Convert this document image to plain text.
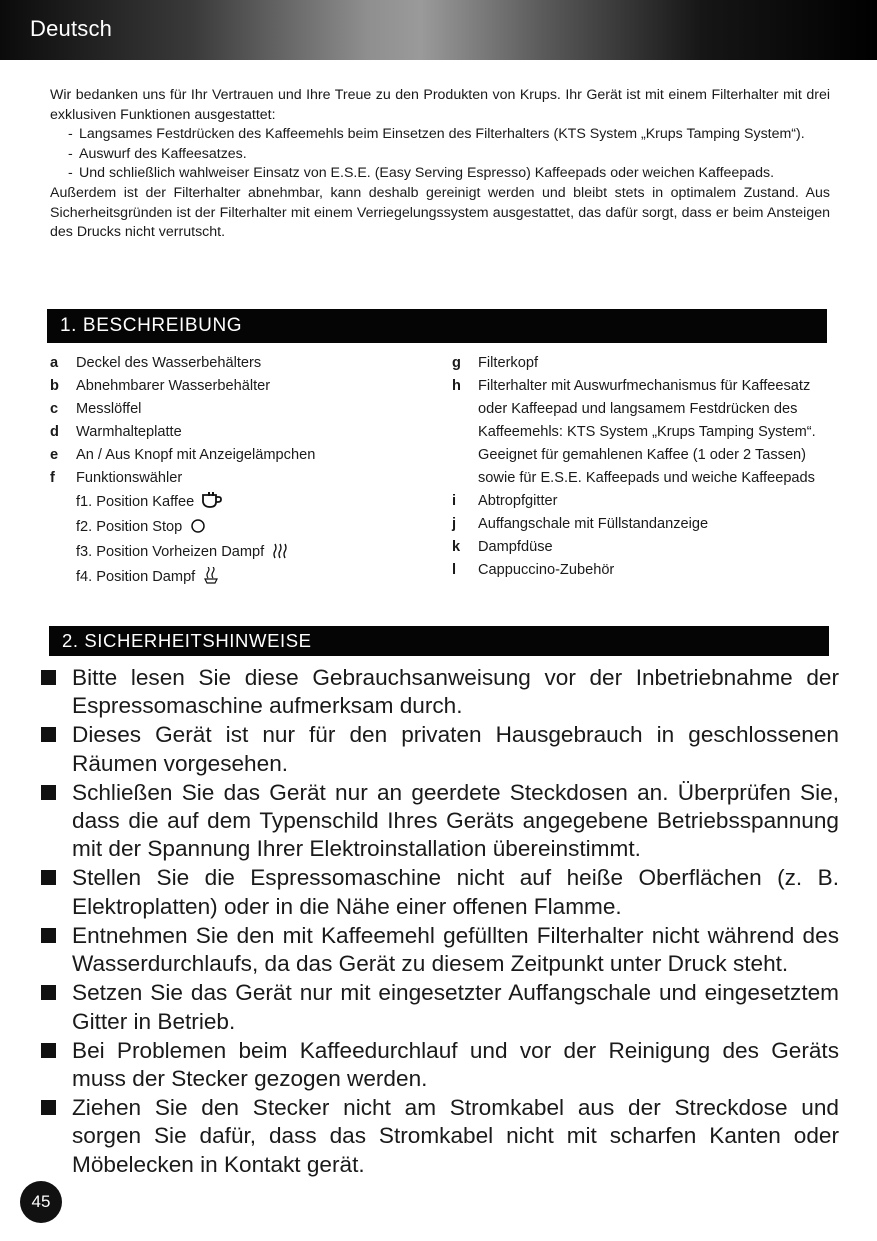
Deutsch

Wir bedanken uns für Ihr Vertrauen und Ihre Treue zu den Produkten von Krups. Ihr Gerät ist mit einem Filterhalter mit drei exklusiven Funktionen ausgestattet:

- Langsames Festdrücken des Kaffeemehls beim Einsetzen des Filterhalters (KTS System „Krups Tamping System“).
- Auswurf des Kaffeesatzes.
- Und schließlich wahlweiser Einsatz von E.S.E. (Easy Serving Espresso) Kaffeepads oder weichen Kaffeepads.

Außerdem ist der Filterhalter abnehmbar, kann deshalb gereinigt werden und bleibt stets in optimalem Zustand. Aus Sicherheitsgründen ist der Filterhalter mit einem Verriegelungssystem ausgestattet, das dafür sorgt, dass er beim Ansteigen des Drucks nicht verrutscht.

1. BESCHREIBUNG
a	Deckel des Wasserbehälters
b	Abnehmbarer Wasserbehälter
c	Messlöffel
d	Warmhalteplatte
e	An / Aus Knopf mit Anzeigelämpchen
f	Funktionswähler
f1. Position Kaffee
f2. Position Stop
f3. Position Vorheizen Dampf
f4. Position Dampf
g	Filterkopf
h	Filterhalter mit Auswurfmechanismus für Kaffeesatz oder Kaffeepad und langsamem Festdrücken des Kaffeemehls: KTS System „Krups Tamping System“. Geeignet für gemahlenen Kaffee (1 oder 2 Tassen) sowie für E.S.E. Kaffeepads und weiche Kaffeepads
i	Abtropfgitter
j	Auffangschale mit Füllstandanzeige
k	Dampfdüse
l	Cappuccino-Zubehör
2. SICHERHEITSHINWEISE
Bitte lesen Sie diese Gebrauchsanweisung vor der Inbetriebnahme der Espressomaschine aufmerksam durch.
Dieses Gerät ist nur für den privaten Hausgebrauch in geschlossenen Räumen vorgesehen.
Schließen Sie das Gerät nur an geerdete Steckdosen an. Überprüfen Sie, dass die auf dem Typenschild Ihres Geräts angegebene Betriebsspannung mit der Spannung Ihrer Elektroinstallation übereinstimmt.
Stellen Sie die Espressomaschine nicht auf heiße Oberflächen (z. B. Elektroplatten) oder in die Nähe einer offenen Flamme.
Entnehmen Sie den mit Kaffeemehl gefüllten Filterhalter nicht während des Wasserdurchlaufs, da das Gerät zu diesem Zeitpunkt unter Druck steht.
Setzen Sie das Gerät nur mit eingesetzter Auffangschale und eingesetztem Gitter in Betrieb.
Bei Problemen beim Kaffeedurchlauf und vor der Reinigung des Geräts muss der Stecker gezogen werden.
Ziehen Sie den Stecker nicht am Stromkabel aus der Streckdose und sorgen Sie dafür, dass das Stromkabel nicht mit scharfen Kanten oder Möbelecken in Kontakt gerät.
45
